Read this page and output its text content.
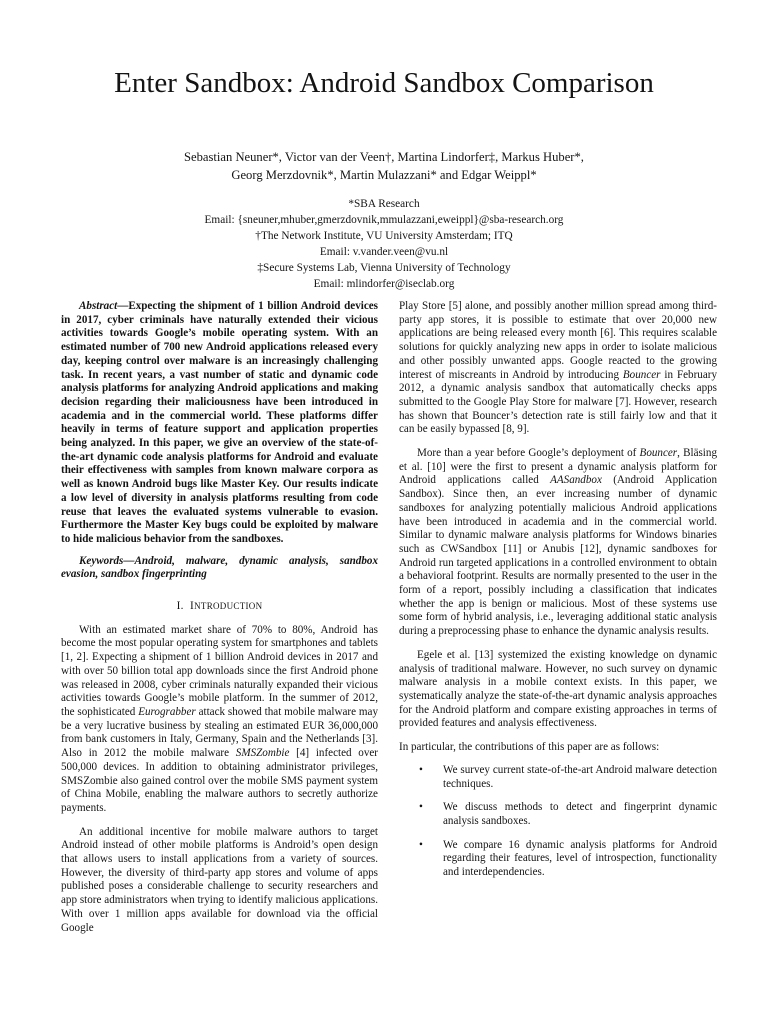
Enter Sandbox: Android Sandbox Comparison
Sebastian Neuner*, Victor van der Veen†, Martina Lindorfer‡, Markus Huber*,
Georg Merzdovnik*, Martin Mulazzani* and Edgar Weippl*
*SBA Research
Email: {sneuner,mhuber,gmerzdovnik,mmulazzani,eweippl}@sba-research.org
†The Network Institute, VU University Amsterdam; ITQ
Email: v.vander.veen@vu.nl
‡Secure Systems Lab, Vienna University of Technology
Email: mlindorfer@iseclab.org

Abstract—Expecting the shipment of 1 billion Android devices in 2017, cyber criminals have naturally extended their vicious activities towards Google’s mobile operating system. With an estimated number of 700 new Android applications released every day, keeping control over malware is an increasingly challenging task. In recent years, a vast number of static and dynamic code analysis platforms for analyzing Android applications and making decision regarding their maliciousness have been introduced in academia and in the commercial world. These platforms differ heavily in terms of feature support and application properties being analyzed. In this paper, we give an overview of the state-of-the-art dynamic code analysis platforms for Android and evaluate their effectiveness with samples from known malware corpora as well as known Android bugs like Master Key. Our results indicate a low level of diversity in analysis platforms resulting from code reuse that leaves the evaluated systems vulnerable to evasion. Furthermore the Master Key bugs could be exploited by malware to hide malicious behavior from the sandboxes.

Keywords—Android, malware, dynamic analysis, sandbox evasion, sandbox fingerprinting

I. INTRODUCTION

With an estimated market share of 70% to 80%, Android has become the most popular operating system for smartphones and tablets [1, 2]. Expecting a shipment of 1 billion Android devices in 2017 and with over 50 billion total app downloads since the first Android phone was released in 2008, cyber criminals naturally expanded their vicious activities towards Google’s mobile platform. In the summer of 2012, the sophisticated Eurograbber attack showed that mobile malware may be a very lucrative business by stealing an estimated EUR 36,000,000 from bank customers in Italy, Germany, Spain and the Netherlands [3]. Also in 2012 the mobile malware SMSZombie [4] infected over 500,000 devices. In addition to obtaining administrator privileges, SMSZombie also gained control over the mobile SMS payment system of China Mobile, enabling the malware authors to secretly authorize payments.

An additional incentive for mobile malware authors to target Android instead of other mobile platforms is Android’s open design that allows users to install applications from a variety of sources. However, the diversity of third-party app stores and volume of apps published poses a considerable challenge to security researchers and app store administrators when trying to identify malicious applications. With over 1 million apps available for download via the official Google

Play Store [5] alone, and possibly another million spread among third-party app stores, it is possible to estimate that over 20,000 new applications are being released every month [6]. This requires scalable solutions for quickly analyzing new apps in order to isolate malicious and other possibly unwanted apps. Google reacted to the growing interest of miscreants in Android by introducing Bouncer in February 2012, a dynamic analysis sandbox that automatically checks apps submitted to the Google Play Store for malware [7]. However, research has shown that Bouncer’s detection rate is still fairly low and that it can be easily bypassed [8, 9].

More than a year before Google’s deployment of Bouncer, Bläsing et al. [10] were the first to present a dynamic analysis platform for Android applications called AASandbox (Android Application Sandbox). Since then, an ever increasing number of dynamic sandboxes for analyzing potentially malicious Android applications have been introduced in academia and in the commercial world. Similar to dynamic malware analysis platforms for Windows binaries such as CWSandbox [11] or Anubis [12], dynamic sandboxes for Android run targeted applications in a controlled environment to obtain a behavioral footprint. Results are normally presented to the user in the form of a report, possibly including a classification that indicates whether the app is benign or malicious. Most of these systems use some form of hybrid analysis, i.e., leveraging additional static analysis during a preprocessing phase to enhance the dynamic analysis results.

Egele et al. [13] systemized the existing knowledge on dynamic analysis of traditional malware. However, no such survey on dynamic malware analysis in a mobile context exists. In this paper, we systematically analyze the state-of-the-art dynamic analysis approaches for the Android platform and compare existing approaches in terms of provided features and analysis effectiveness.

In particular, the contributions of this paper are as follows:

• We survey current state-of-the-art Android malware detection techniques.
• We discuss methods to detect and fingerprint dynamic analysis sandboxes.
• We compare 16 dynamic analysis platforms for Android regarding their features, level of introspection, functionality and interdependencies.
